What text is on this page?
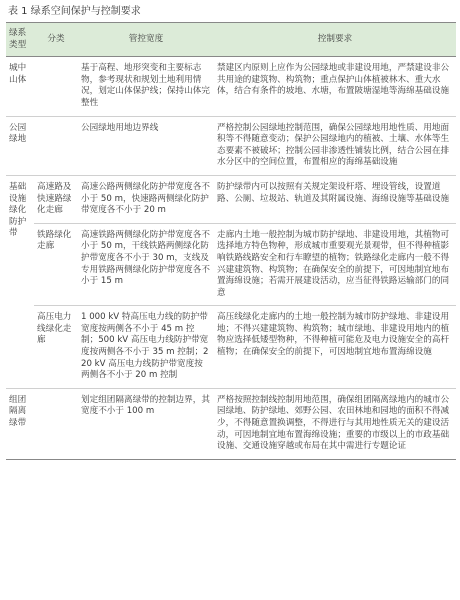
表 1 绿系空间保护与控制要求
绿系类型	分类	管控宽度	控制要求
城中山体		基于高程、地形突变和主要标志物，参考现状和规划土地利用情况，划定山体保护线；保持山体完整性	禁建区内原则上应作为公园绿地或非建设用地，严禁建设非公共用途的建筑物、构筑物；重点保护山体植被林木、重大水体，结合有条件的坡地、水塘，布置陂塘湿地等海绵基础设施
公园绿地		公园绿地用地边界线	严格控制公园绿地控制范围，确保公园绿地用地性质、用地面积等不得随意变动；保护公园绿地内的植被、土壤、水体等生态要素不被破坏；控制公园非渗透性铺装比例，结合公园在排水分区中的空间位置，布置相应的海绵基础设施
基础设施绿化防护带	高速路及快速路绿化走廊	高速公路两侧绿化防护带宽度各不小于 50 m，快速路两侧绿化防护带宽度各不小于 20 m	防护绿带内可以按照有关规定架设杆塔、埋设管线，设置道路、公厕、垃圾站、轨道及其附属设施、海绵设施等基础设施
	铁路绿化走廊	高速铁路两侧绿化防护带宽度各不小于 50 m，干线铁路两侧绿化防护带宽度各不小于 30 m，支线及专用铁路两侧绿化防护带宽度各不小于 15 m	走廊内土地一般控制为城市防护绿地、非建设用地，其植物可选择地方特色物种，形成城市重要观光景观带，但不得种植影响铁路线路安全和行车瞭望的植物；铁路绿化走廊内一般不得兴建建筑物、构筑物；在确保安全的前提下，可因地制宜地布置海绵设施；若需开展建设活动，应当征得铁路运输部门的同意
	高压电力线绿化走廊	1 000 kV 特高压电力线的防护带宽度按两侧各不小于 45 m 控制；500 kV 高压电力线防护带宽度按两侧各不小于 35 m 控制；220 kV 高压电力线防护带宽度按两侧各不小于 20 m 控制	高压线绿化走廊内的土地一般控制为城市防护绿地、非建设用地；不得兴建建筑物、构筑物；城市绿地、非建设用地内的植物应选择低矮型物种，不得种植可能危及电力设施安全的高杆植物；在确保安全的前提下，可因地制宜地布置海绵设施
组团隔离绿带		划定组团隔离绿带的控制边界，其宽度不小于 100 m	严格按照控制线控制用地范围，确保组团隔离绿地内的城市公园绿地、防护绿地、郊野公园、农田林地和园地的面积不得减少，不得随意置换调整，不得进行与其用地性质无关的建设活动，可因地制宜地布置海绵设施；重要的市级以上的市政基础设施、交通设施穿越或布局在其中需进行专题论证
